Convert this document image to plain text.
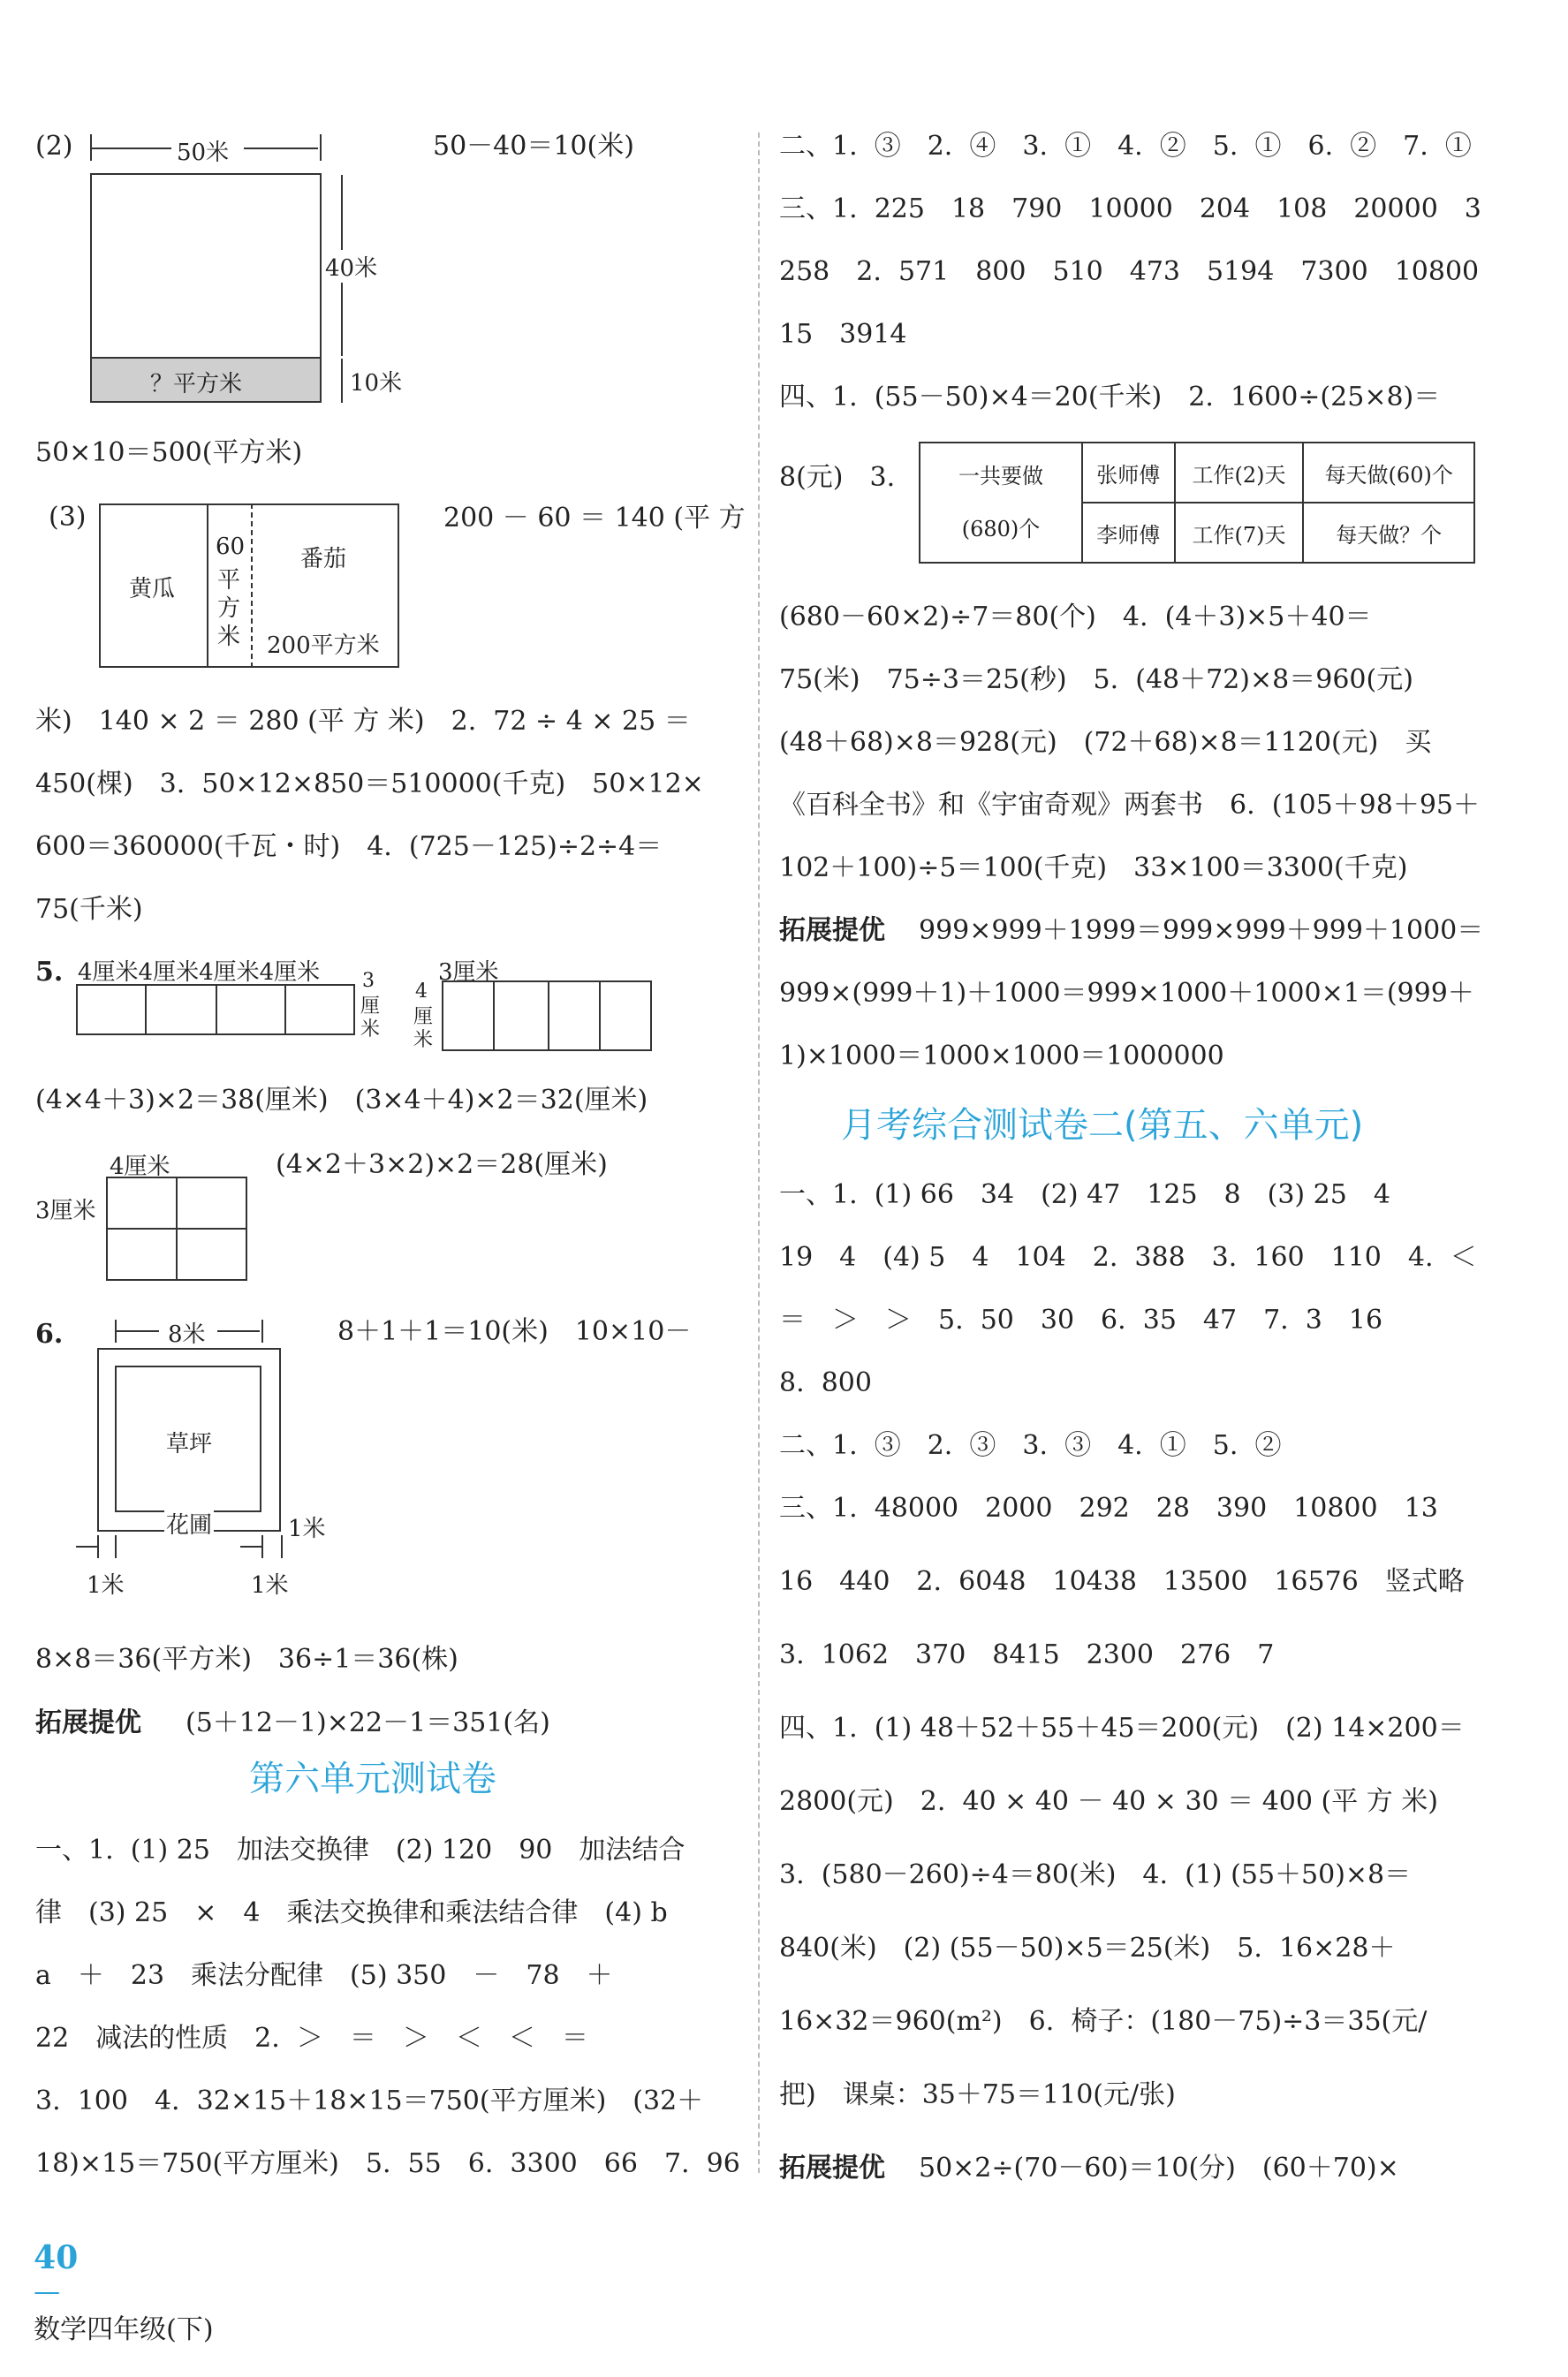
(2)	50米	50－40＝10(米)
？平方米
40米
10米
50×10＝500(平方米)
(3)
黄瓜
60
平
方
米
番茄
200平方米
200 － 60 ＝ 140 (平 方
米)　140 × 2 ＝ 280 (平 方 米)　2.  72 ÷ 4 × 25 ＝
450(棵)　3.  50×12×850＝510000(千克)　50×12×
600＝360000(千瓦・时)　4.  (725－125)÷2÷4＝
75(千米)
5. 4厘米4厘米4厘米4厘米 3
厘
米
3厘米
4
厘
米
(4×4＋3)×2＝38(厘米)　(3×4＋4)×2＝32(厘米)
4厘米
3厘米
(4×2＋3×2)×2＝28(厘米)
6.	8米	8＋1＋1＝10(米)　10×10－
草坪
花圃	1米
1米	1米
8×8＝36(平方米)　36÷1＝36(株)
拓展提优 (5＋12－1)×22－1＝351(名)
第六单元测试卷
一、1.  (1) 25　加法交换律　(2) 120　90　加法结合
律　(3) 25　×　4　乘法交换律和乘法结合律　(4) b
a　＋　23　乘法分配律　(5) 350　－　78　＋
22　减法的性质　2.  ＞　＝　＞　＜　＜　＝
3.  100　4.  32×15＋18×15＝750(平方厘米)　(32＋
18)×15＝750(平方厘米)　5.  55　6.  3300　66　7.  96
二、1.  ③　2.  ④　3.  ①　4.  ②　5.  ①　6.  ②　7.  ①
三、1.  225　18　790　10000　204　108　20000　3
258　2.  571　800　510　473　5194　7300　10800
15　3914
四、1.  (55－50)×4＝20(千米)　2.  1600÷(25×8)＝
8(元)　3.	一共要做
(680)个	张师傅	工作(2)天	每天做(60)个
	李师傅	工作(7)天	每天做？个
(680－60×2)÷7＝80(个)　4.  (4＋3)×5＋40＝
75(米)　75÷3＝25(秒)　5.  (48＋72)×8＝960(元)
(48＋68)×8＝928(元)　(72＋68)×8＝1120(元)　买
《百科全书》和《宇宙奇观》两套书　6.  (105＋98＋95＋
102＋100)÷5＝100(千克)　33×100＝3300(千克)
拓展提优 999×999＋1999＝999×999＋999＋1000＝
999×(999＋1)＋1000＝999×1000＋1000×1＝(999＋
1)×1000＝1000×1000＝1000000
月考综合测试卷二(第五、六单元)
一、1.  (1) 66　34　(2) 47　125　8　(3) 25　4
19　4　(4) 5　4　104　2.  388　3.  160　110　4.  ＜
＝　＞　＞　5.  50　30　6.  35　47　7.  3　16
8.  800
二、1.  ③　2.  ③　3.  ③　4.  ①　5.  ②
三、1.  48000　2000　292　28　390　10800　13
16　440　2.  6048　10438　13500　16576　竖式略
3.  1062　370　8415　2300　276　7
四、1.  (1) 48＋52＋55＋45＝200(元)　(2) 14×200＝
2800(元)　2.  40 × 40 － 40 × 30 ＝ 400 (平 方 米)
3.  (580－260)÷4＝80(米)　4.  (1) (55＋50)×8＝
840(米)　(2) (55－50)×5＝25(米)　5.  16×28＋
16×32＝960(m²)　6.  椅子：(180－75)÷3＝35(元/
把)　课桌：35＋75＝110(元/张)
拓展提优 50×2÷(70－60)＝10(分)　(60＋70)×

40
—
数学四年级(下)
